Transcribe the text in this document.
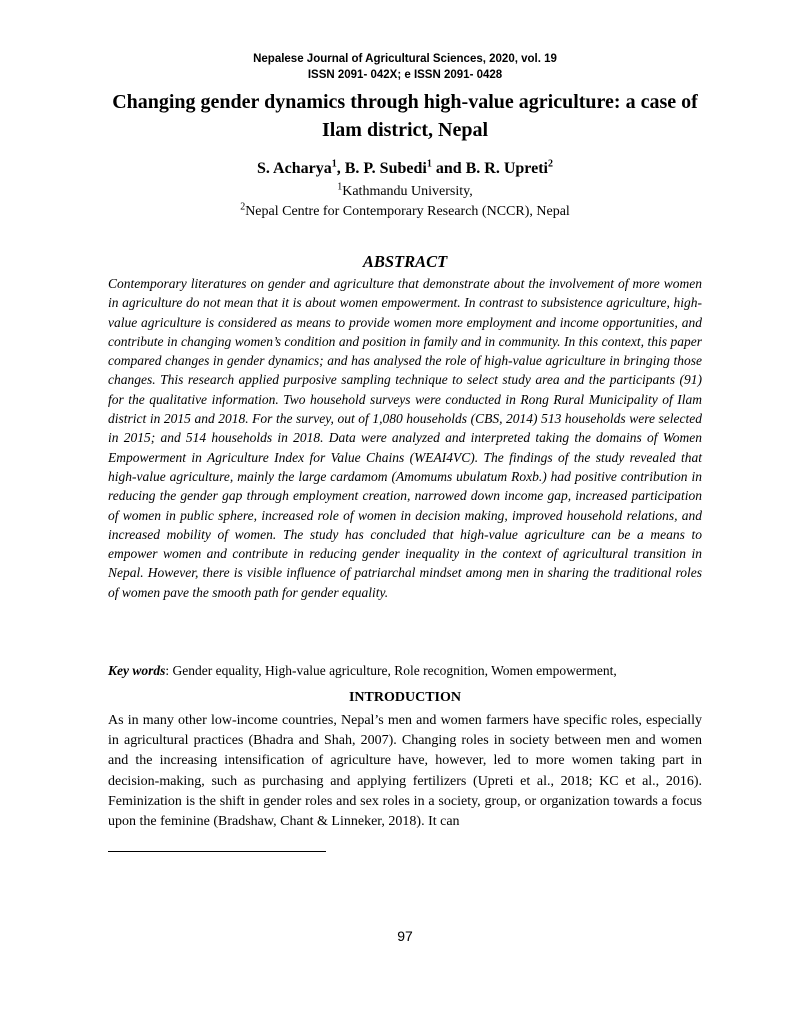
Nepalese Journal of Agricultural Sciences, 2020, vol. 19
ISSN 2091- 042X; e ISSN 2091- 0428
Changing gender dynamics through high-value agriculture: a case of Ilam district, Nepal
S. Acharya$^1$, B. P. Subedi$^1$ and B. R. Upreti$^2$
$^1$Kathmandu University,
$^2$Nepal Centre for Contemporary Research (NCCR), Nepal
ABSTRACT
Contemporary literatures on gender and agriculture that demonstrate about the involvement of more women in agriculture do not mean that it is about women empowerment. In contrast to subsistence agriculture, high-value agriculture is considered as means to provide women more employment and income opportunities, and contribute in changing women’s condition and position in family and in community. In this context, this paper compared changes in gender dynamics; and has analysed the role of high-value agriculture in bringing those changes. This research applied purposive sampling technique to select study area and the participants (91) for the qualitative information. Two household surveys were conducted in Rong Rural Municipality of Ilam district in 2015 and 2018. For the survey, out of 1,080 households (CBS, 2014) 513 households were selected in 2015; and 514 households in 2018. Data were analyzed and interpreted taking the domains of Women Empowerment in Agriculture Index for Value Chains (WEAI4VC). The findings of the study revealed that high-value agriculture, mainly the large cardamom (Amomums ubulatum Roxb.) had positive contribution in reducing the gender gap through employment creation, narrowed down income gap, increased participation of women in public sphere, increased role of women in decision making, improved household relations, and increased mobility of women. The study has concluded that high-value agriculture can be a means to empower women and contribute in reducing gender inequality in the context of agricultural transition in Nepal. However, there is visible influence of patriarchal mindset among men in sharing the traditional roles of women pave the smooth path for gender equality.
Key words: Gender equality, High-value agriculture, Role recognition, Women empowerment,
INTRODUCTION
As in many other low-income countries, Nepal’s men and women farmers have specific roles, especially in agricultural practices (Bhadra and Shah, 2007). Changing roles in society between men and women and the increasing intensification of agriculture have, however, led to more women taking part in decision-making, such as purchasing and applying fertilizers (Upreti et al., 2018; KC et al., 2016). Feminization is the shift in gender roles and sex roles in a society, group, or organization towards a focus upon the feminine (Bradshaw, Chant & Linneker, 2018). It can
97
